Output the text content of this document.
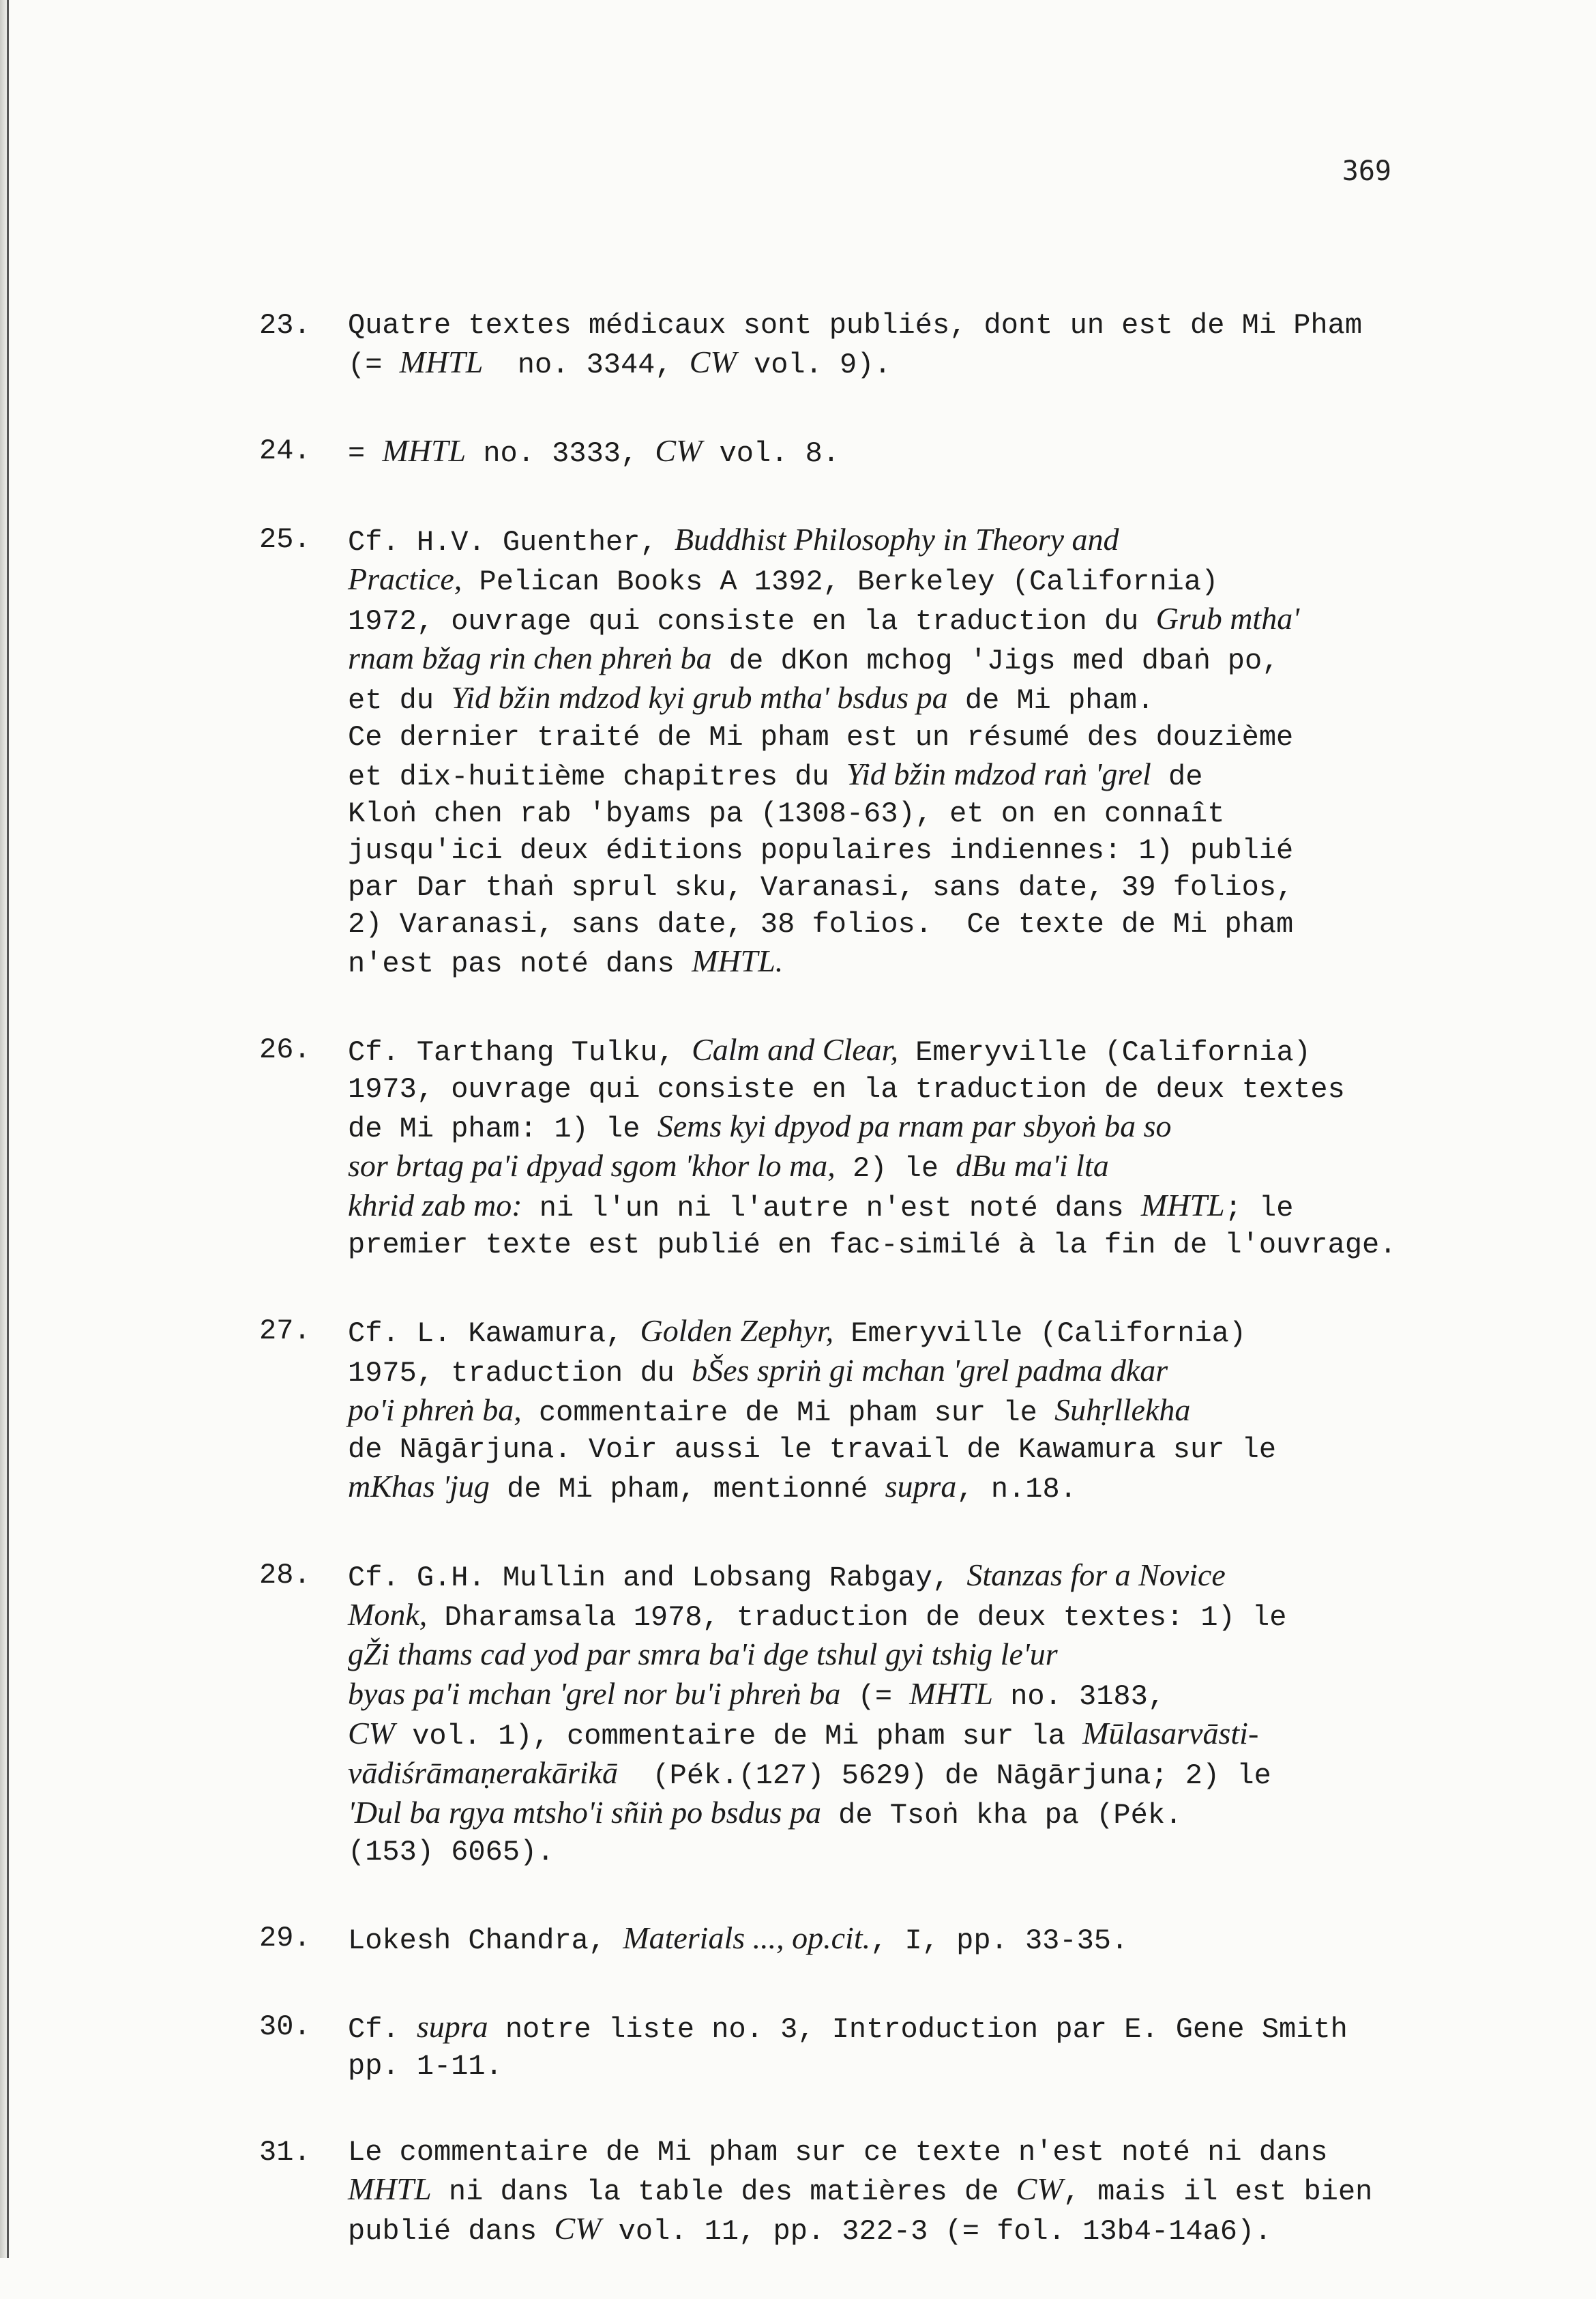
369
23.	Quatre textes médicaux sont publiés, dont un est de Mi Pham
(= MHTL  no. 3344, CW vol. 9).
24.	= MHTL no. 3333, CW vol. 8.
25.	Cf. H.V. Guenther, Buddhist Philosophy in Theory and
Practice, Pelican Books A 1392, Berkeley (California)
1972, ouvrage qui consiste en la traduction du Grub mtha'
rnam bžag rin chen phreṅ ba de dKon mchog 'Jigs med dbaṅ po,
et du Yid bžin mdzod kyi grub mtha' bsdus pa de Mi pham.
Ce dernier traité de Mi pham est un résumé des douzième
et dix-huitième chapitres du Yid bžin mdzod raṅ 'grel de
Kloṅ chen rab 'byams pa (1308-63), et on en connaît
jusqu'ici deux éditions populaires indiennes: 1) publié
par Dar thaṅ sprul sku, Varanasi, sans date, 39 folios,
2) Varanasi, sans date, 38 folios.  Ce texte de Mi pham
n'est pas noté dans MHTL.
26.	Cf. Tarthang Tulku, Calm and Clear, Emeryville (California)
1973, ouvrage qui consiste en la traduction de deux textes
de Mi pham: 1) le Sems kyi dpyod pa rnam par sbyoṅ ba so
sor brtag pa'i dpyad sgom 'khor lo ma, 2) le dBu ma'i lta
khrid zab mo: ni l'un ni l'autre n'est noté dans MHTL; le
premier texte est publié en fac-similé à la fin de l'ouvrage.
27.	Cf. L. Kawamura, Golden Zephyr, Emeryville (California)
1975, traduction du bŠes spriṅ gi mchan 'grel padma dkar
po'i phreṅ ba, commentaire de Mi pham sur le Suhṛllekha
de Nāgārjuna. Voir aussi le travail de Kawamura sur le
mKhas 'jug de Mi pham, mentionné supra, n.18.
28.	Cf. G.H. Mullin and Lobsang Rabgay, Stanzas for a Novice
Monk, Dharamsala 1978, traduction de deux textes: 1) le
gŽi thams cad yod par smra ba'i dge tshul gyi tshig le'ur
byas pa'i mchan 'grel nor bu'i phreṅ ba (= MHTL no. 3183,
CW vol. 1), commentaire de Mi pham sur la Mūlasarvāsti-
vādiśrāmaṇerakārikā  (Pék.(127) 5629) de Nāgārjuna; 2) le
'Dul ba rgya mtsho'i sñiṅ po bsdus pa de Tsoṅ kha pa (Pék.
(153) 6065).
29.	Lokesh Chandra, Materials ..., op.cit., I, pp. 33-35.
30.	Cf. supra notre liste no. 3, Introduction par E. Gene Smith
pp. 1-11.
31.	Le commentaire de Mi pham sur ce texte n'est noté ni dans
MHTL ni dans la table des matières de CW, mais il est bien
publié dans CW vol. 11, pp. 322-3 (= fol. 13b4-14a6).
